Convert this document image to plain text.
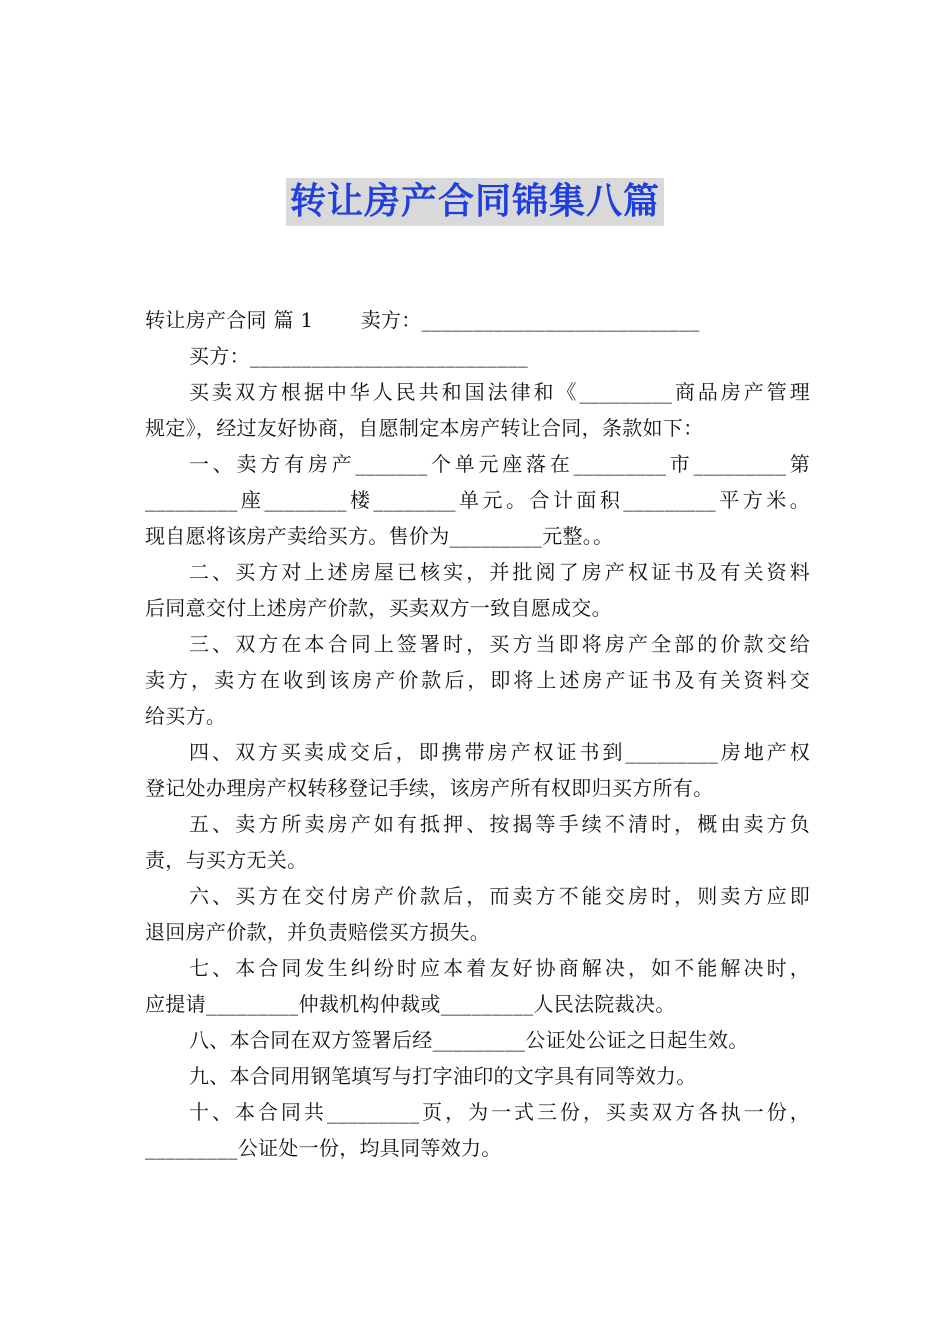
转让房产合同锦集八篇
转让房产合同 篇 1　　 卖方：___________________________
买方：___________________________
买卖双方根据中华人民共和国法律和《_________商品房产管理
规定》，经过友好协商，自愿制定本房产转让合同，条款如下：
一、卖方有房产_______个单元座落在_________市_________第
_________座________楼________单元。合计面积_________平方米。
现自愿将该房产卖给买方。售价为_________元整。。
二、买方对上述房屋已核实，并批阅了房产权证书及有关资料
后同意交付上述房产价款，买卖双方一致自愿成交。
三、双方在本合同上签署时，买方当即将房产全部的价款交给
卖方，卖方在收到该房产价款后，即将上述房产证书及有关资料交
给买方。
四、双方买卖成交后，即携带房产权证书到_________房地产权
登记处办理房产权转移登记手续，该房产所有权即归买方所有。
五、卖方所卖房产如有抵押、按揭等手续不清时，概由卖方负
责，与买方无关。
六、买方在交付房产价款后，而卖方不能交房时，则卖方应即
退回房产价款，并负责赔偿买方损失。
七、本合同发生纠纷时应本着友好协商解决，如不能解决时，
应提请_________仲裁机构仲裁或_________人民法院裁决。
八、本合同在双方签署后经_________公证处公证之日起生效。
九、本合同用钢笔填写与打字油印的文字具有同等效力。
十、本合同共_________页，为一式三份，买卖双方各执一份，
_________公证处一份，均具同等效力。
